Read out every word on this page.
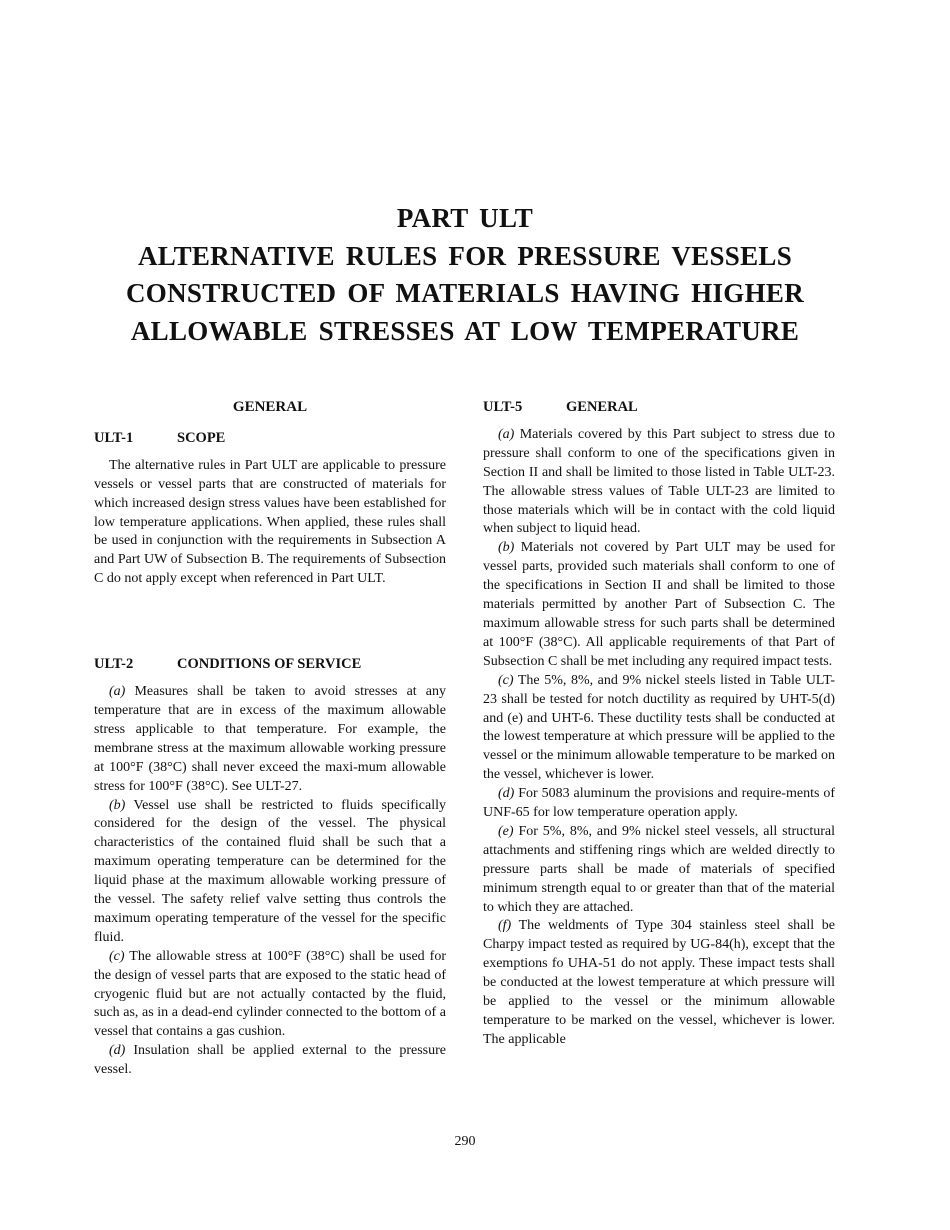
PART ULT
ALTERNATIVE RULES FOR PRESSURE VESSELS
CONSTRUCTED OF MATERIALS HAVING HIGHER
ALLOWABLE STRESSES AT LOW TEMPERATURE
GENERAL
ULT-1	SCOPE

The alternative rules in Part ULT are applicable to pressure vessels or vessel parts that are constructed of materials for which increased design stress values have been established for low temperature applications. When applied, these rules shall be used in conjunction with the requirements in Subsection A and Part UW of Subsection B. The requirements of Subsection C do not apply except when referenced in Part ULT.

ULT-2	CONDITIONS OF SERVICE

(a) Measures shall be taken to avoid stresses at any temperature that are in excess of the maximum allowable stress applicable to that temperature. For example, the membrane stress at the maximum allowable working pressure at 100°F (38°C) shall never exceed the maxi-mum allowable stress for 100°F (38°C). See ULT-27.

(b) Vessel use shall be restricted to fluids specifically considered for the design of the vessel. The physical characteristics of the contained fluid shall be such that a maximum operating temperature can be determined for the liquid phase at the maximum allowable working pressure of the vessel. The safety relief valve setting thus controls the maximum operating temperature of the vessel for the specific fluid.

(c) The allowable stress at 100°F (38°C) shall be used for the design of vessel parts that are exposed to the static head of cryogenic fluid but are not actually contacted by the fluid, such as, as in a dead-end cylinder connected to the bottom of a vessel that contains a gas cushion.

(d) Insulation shall be applied external to the pressure vessel.

ULT-5	GENERAL

(a) Materials covered by this Part subject to stress due to pressure shall conform to one of the specifications given in Section II and shall be limited to those listed in Table ULT-23. The allowable stress values of Table ULT-23 are limited to those materials which will be in contact with the cold liquid when subject to liquid head.

(b) Materials not covered by Part ULT may be used for vessel parts, provided such materials shall conform to one of the specifications in Section II and shall be limited to those materials permitted by another Part of Subsection C. The maximum allowable stress for such parts shall be determined at 100°F (38°C). All applicable requirements of that Part of Subsection C shall be met including any required impact tests.

(c) The 5%, 8%, and 9% nickel steels listed in Table ULT-23 shall be tested for notch ductility as required by UHT-5(d) and (e) and UHT-6. These ductility tests shall be conducted at the lowest temperature at which pressure will be applied to the vessel or the minimum allowable temperature to be marked on the vessel, whichever is lower.

(d) For 5083 aluminum the provisions and require-ments of UNF-65 for low temperature operation apply.

(e) For 5%, 8%, and 9% nickel steel vessels, all structural attachments and stiffening rings which are welded directly to pressure parts shall be made of materials of specified minimum strength equal to or greater than that of the material to which they are attached.

(f) The weldments of Type 304 stainless steel shall be Charpy impact tested as required by UG-84(h), except that the exemptions fo UHA-51 do not apply. These impact tests shall be conducted at the lowest temperature at which pressure will be applied to the vessel or the minimum allowable temperature to be marked on the vessel, whichever is lower. The applicable

290
